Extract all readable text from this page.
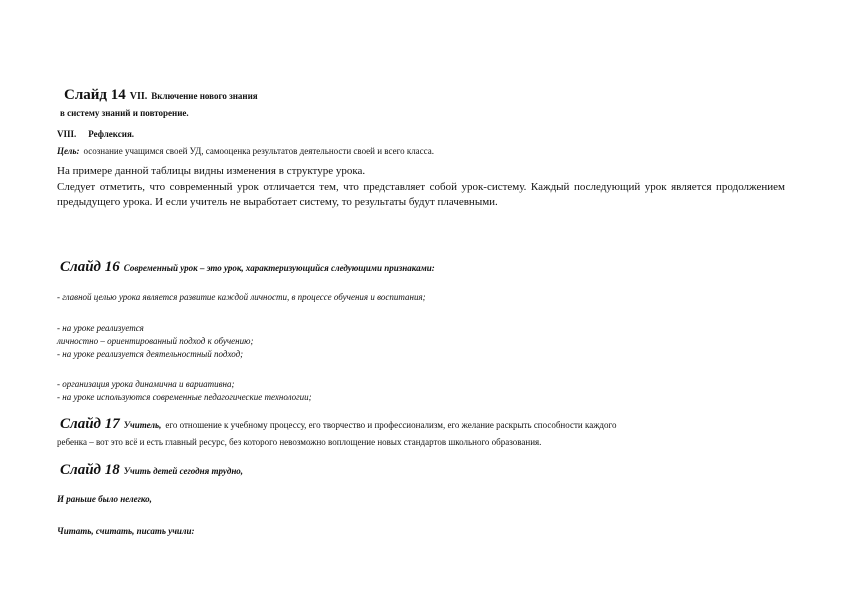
Слайд 14 VII. Включение нового знания
в систему знаний и повторение.
VIII. Рефлексия.
Цель: осознание учащимся своей УД, самооценка результатов деятельности своей и всего класса.
На примере данной таблицы видны изменения в структуре урока.
Следует отметить, что современный урок отличается тем, что представляет собой урок-систему. Каждый последующий урок является продолжением предыдущего урока. И если учитель не выработает систему, то результаты будут плачевными.
Слайд 16 Современный урок – это урок, характеризующийся следующими признаками:
- главной целью урока является развитие каждой личности, в процессе обучения и воспитания;
- на уроке реализуется
личностно – ориентированный подход к обучению;
- на уроке реализуется деятельностный подход;
- организация урока динамична и вариативна;
- на уроке используются современные педагогические технологии;
Слайд 17 Учитель, его отношение к учебному процессу, его творчество и профессионализм, его желание раскрыть способности каждого
ребенка – вот это всё и есть главный ресурс, без которого невозможно воплощение новых стандартов школьного образования.
Слайд 18 Учить детей сегодня трудно,
И раньше было нелегко,
Читать, считать, писать учили:
